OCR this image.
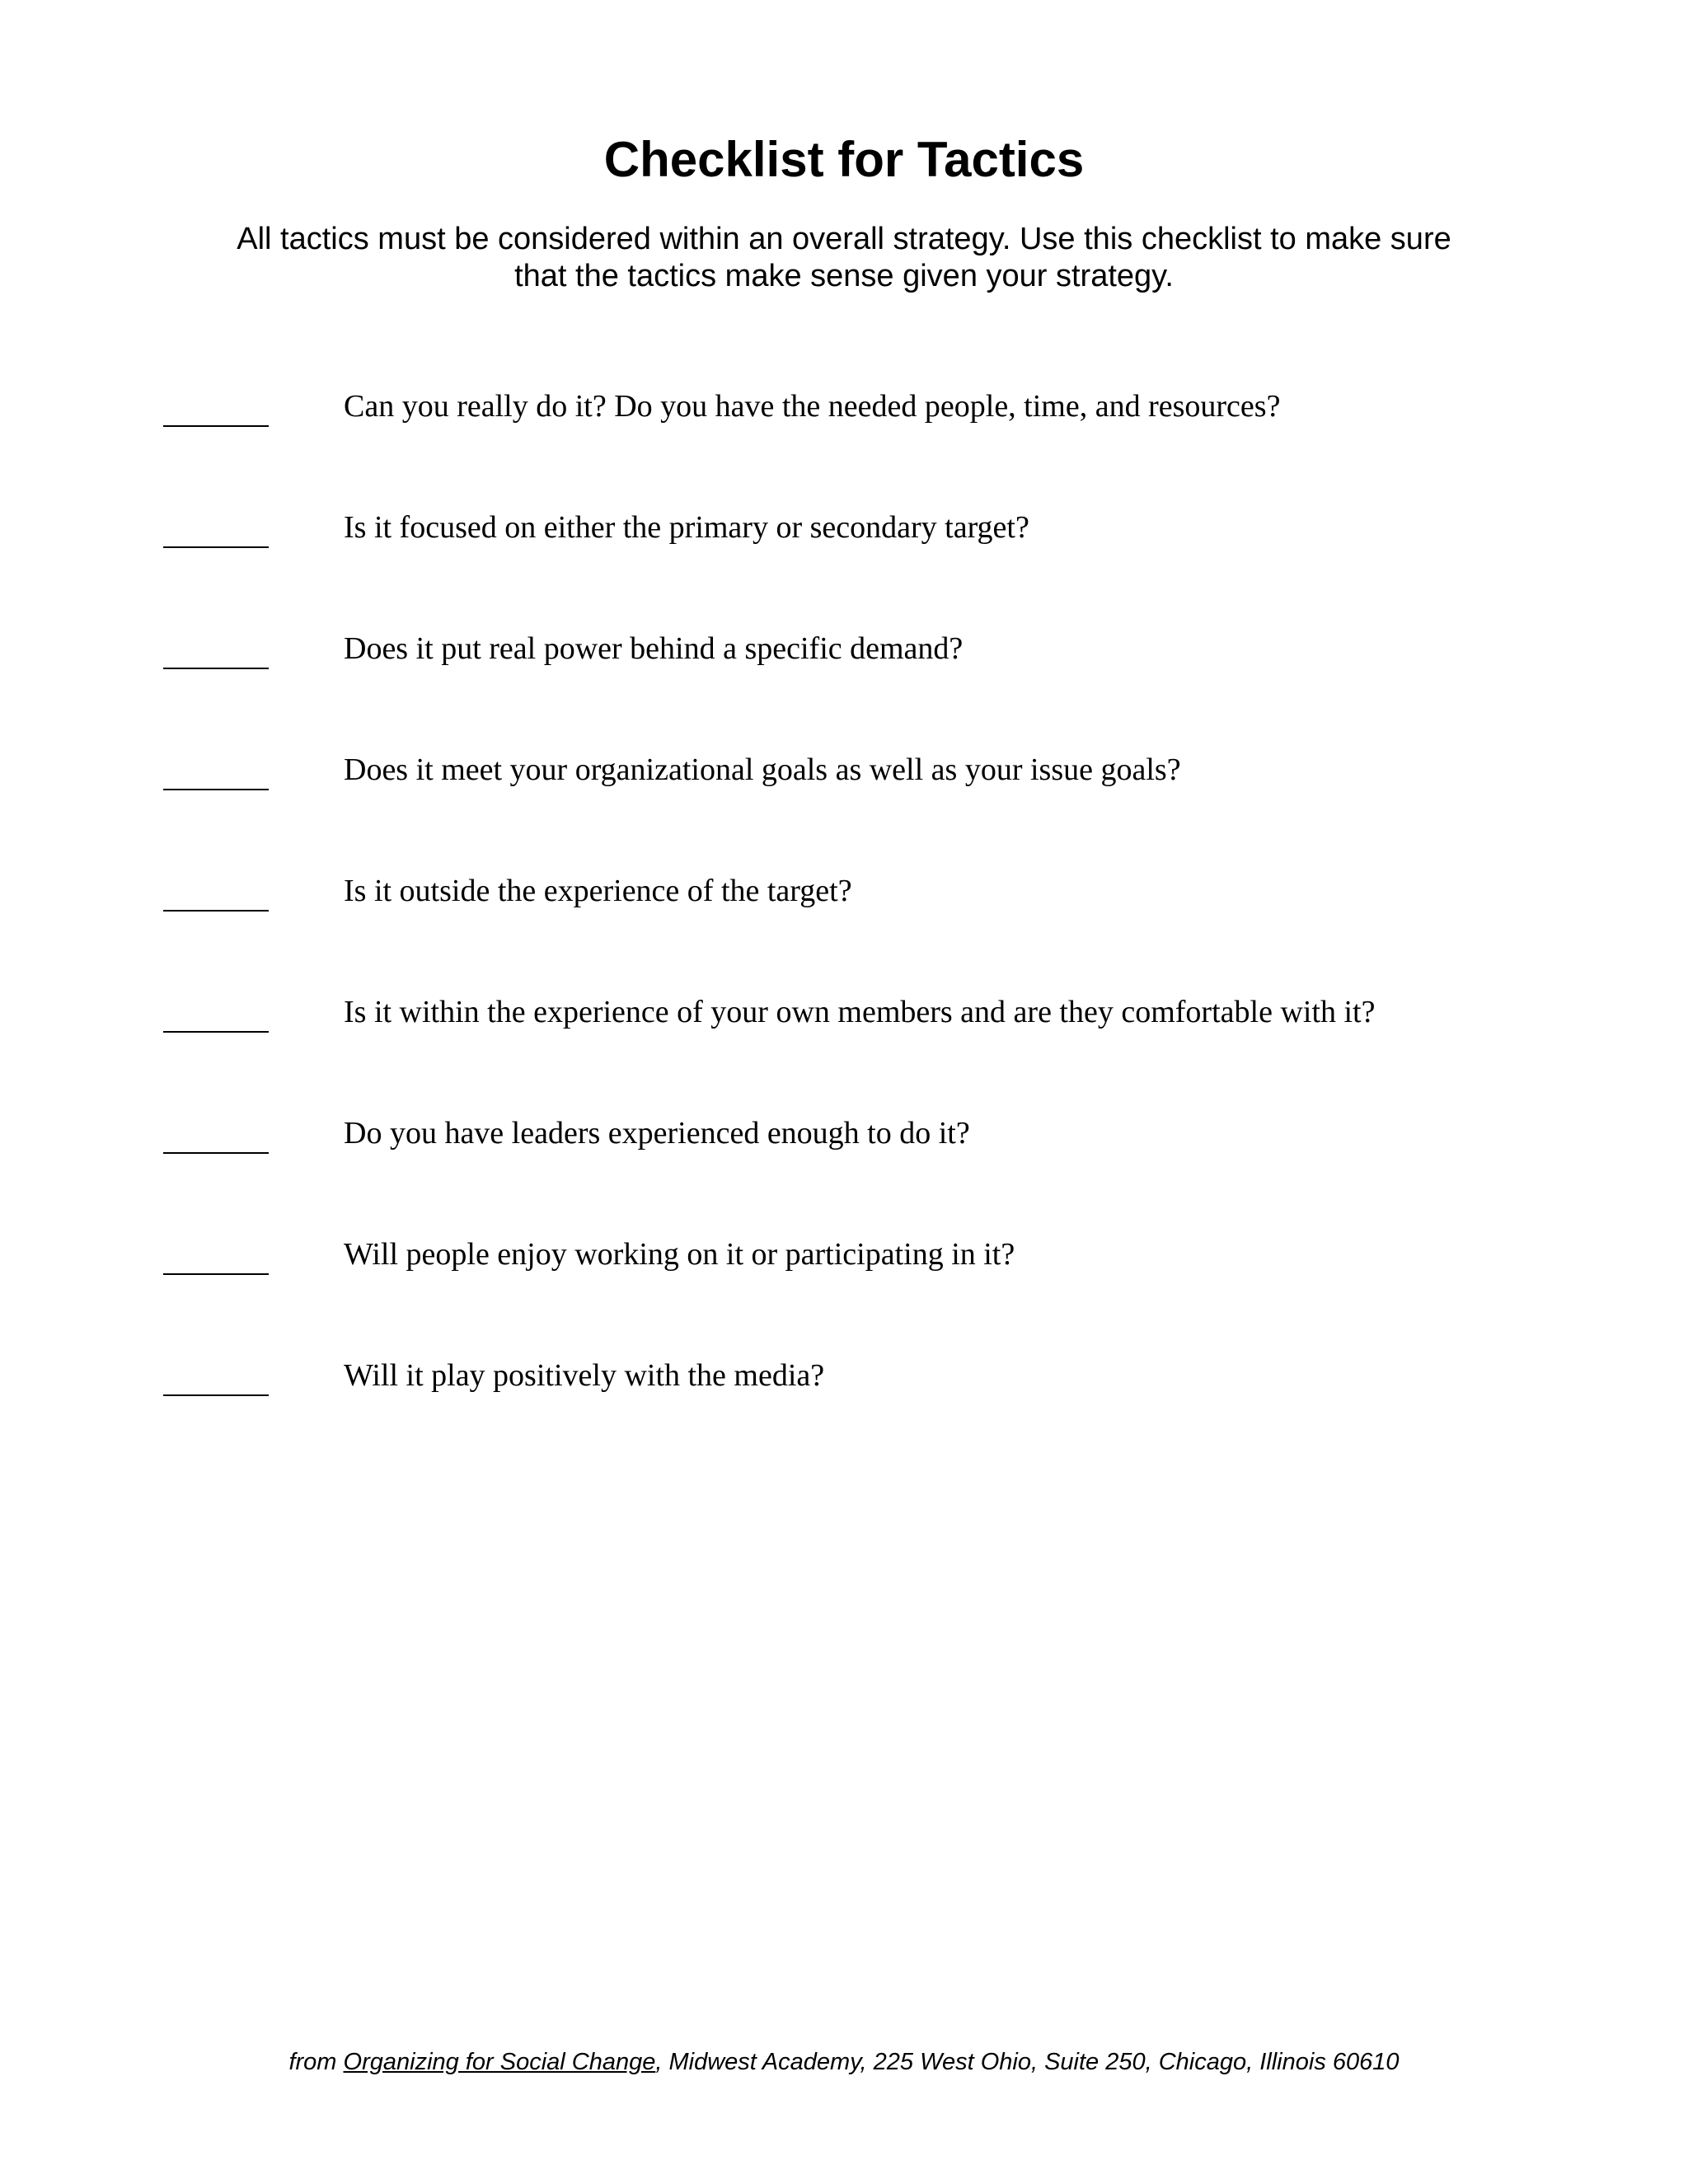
Checklist for Tactics

All tactics must be considered within an overall strategy. Use this checklist to make sure
that the tactics make sense given your strategy.

Can you really do it? Do you have the needed people, time, and resources?
Is it focused on either the primary or secondary target?
Does it put real power behind a specific demand?
Does it meet your organizational goals as well as your issue goals?
Is it outside the experience of the target?
Is it within the experience of your own members and are they comfortable with it?
Do you have leaders experienced enough to do it?
Will people enjoy working on it or participating in it?
Will it play positively with the media?
from Organizing for Social Change, Midwest Academy, 225 West Ohio, Suite 250, Chicago, Illinois 60610
